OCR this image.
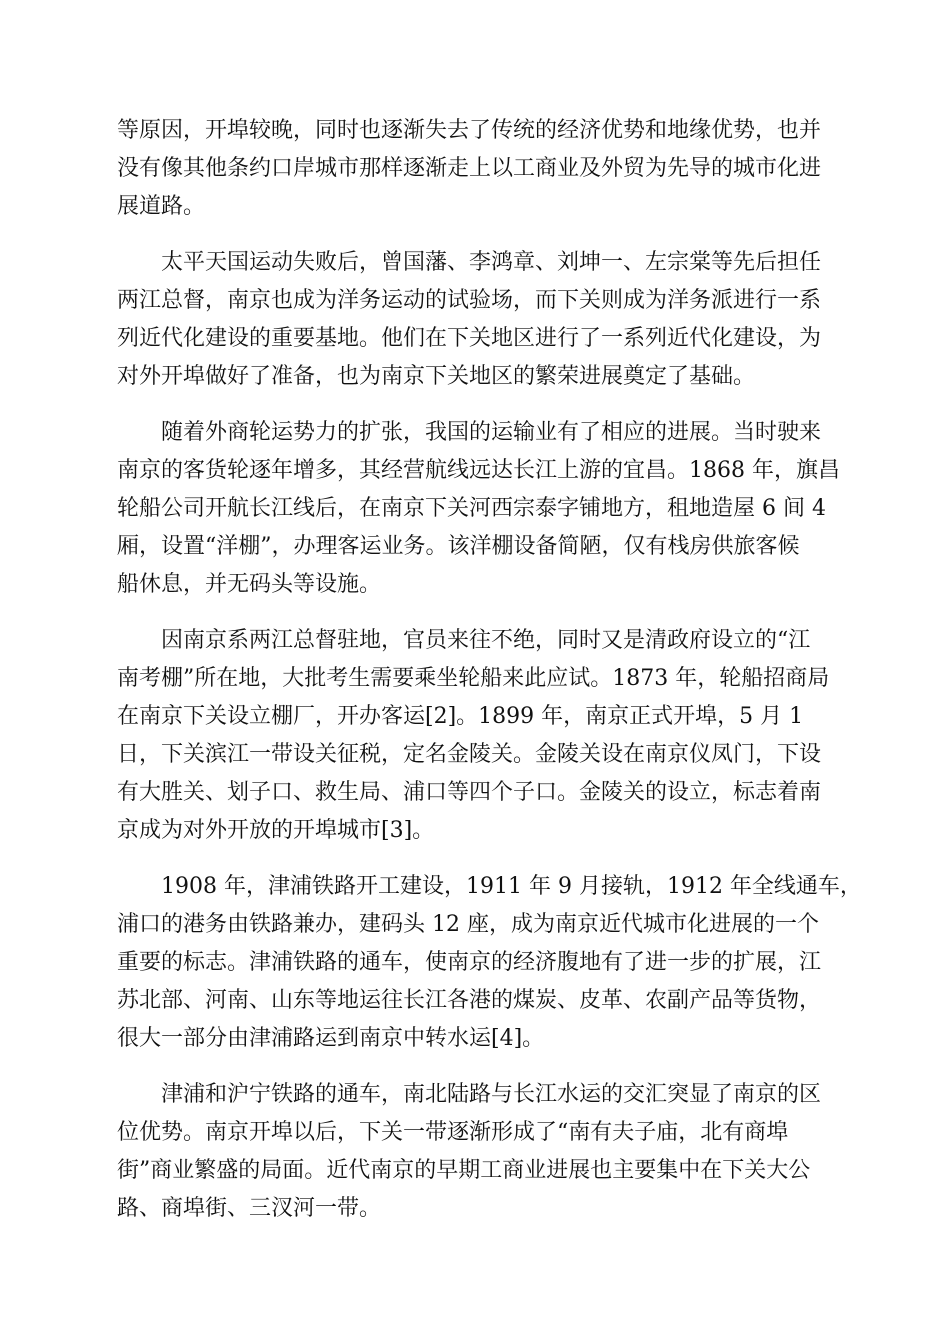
等原因，开埠较晚，同时也逐渐失去了传统的经济优势和地缘优势，也并
没有像其他条约口岸城市那样逐渐走上以工商业及外贸为先导的城市化进
展道路。
太平天国运动失败后，曾国藩、李鸿章、刘坤一、左宗棠等先后担任
两江总督，南京也成为洋务运动的试验场，而下关则成为洋务派进行一系
列近代化建设的重要基地。他们在下关地区进行了一系列近代化建设，为
对外开埠做好了准备，也为南京下关地区的繁荣进展奠定了基础。
随着外商轮运势力的扩张，我国的运输业有了相应的进展。当时驶来
南京的客货轮逐年增多，其经营航线远达长江上游的宜昌。1868 年，旗昌
轮船公司开航长江线后，在南京下关河西宗泰字铺地方，租地造屋 6 间 4
厢，设置“洋棚”，办理客运业务。该洋棚设备简陋，仅有栈房供旅客候
船休息，并无码头等设施。
因南京系两江总督驻地，官员来往不绝，同时又是清政府设立的“江
南考棚”所在地，大批考生需要乘坐轮船来此应试。1873 年，轮船招商局
在南京下关设立棚厂，开办客运[2]。1899 年，南京正式开埠，5 月 1
日，下关滨江一带设关征税，定名金陵关。金陵关设在南京仪凤门，下设
有大胜关、划子口、救生局、浦口等四个子口。金陵关的设立，标志着南
京成为对外开放的开埠城市[3]。
1908 年，津浦铁路开工建设，1911 年 9 月接轨，1912 年全线通车，
浦口的港务由铁路兼办，建码头 12 座，成为南京近代城市化进展的一个
重要的标志。津浦铁路的通车，使南京的经济腹地有了进一步的扩展，江
苏北部、河南、山东等地运往长江各港的煤炭、皮革、农副产品等货物，
很大一部分由津浦路运到南京中转水运[4]。
津浦和沪宁铁路的通车，南北陆路与长江水运的交汇突显了南京的区
位优势。南京开埠以后，下关一带逐渐形成了“南有夫子庙，北有商埠
街”商业繁盛的局面。近代南京的早期工商业进展也主要集中在下关大公
路、商埠街、三汊河一带。
